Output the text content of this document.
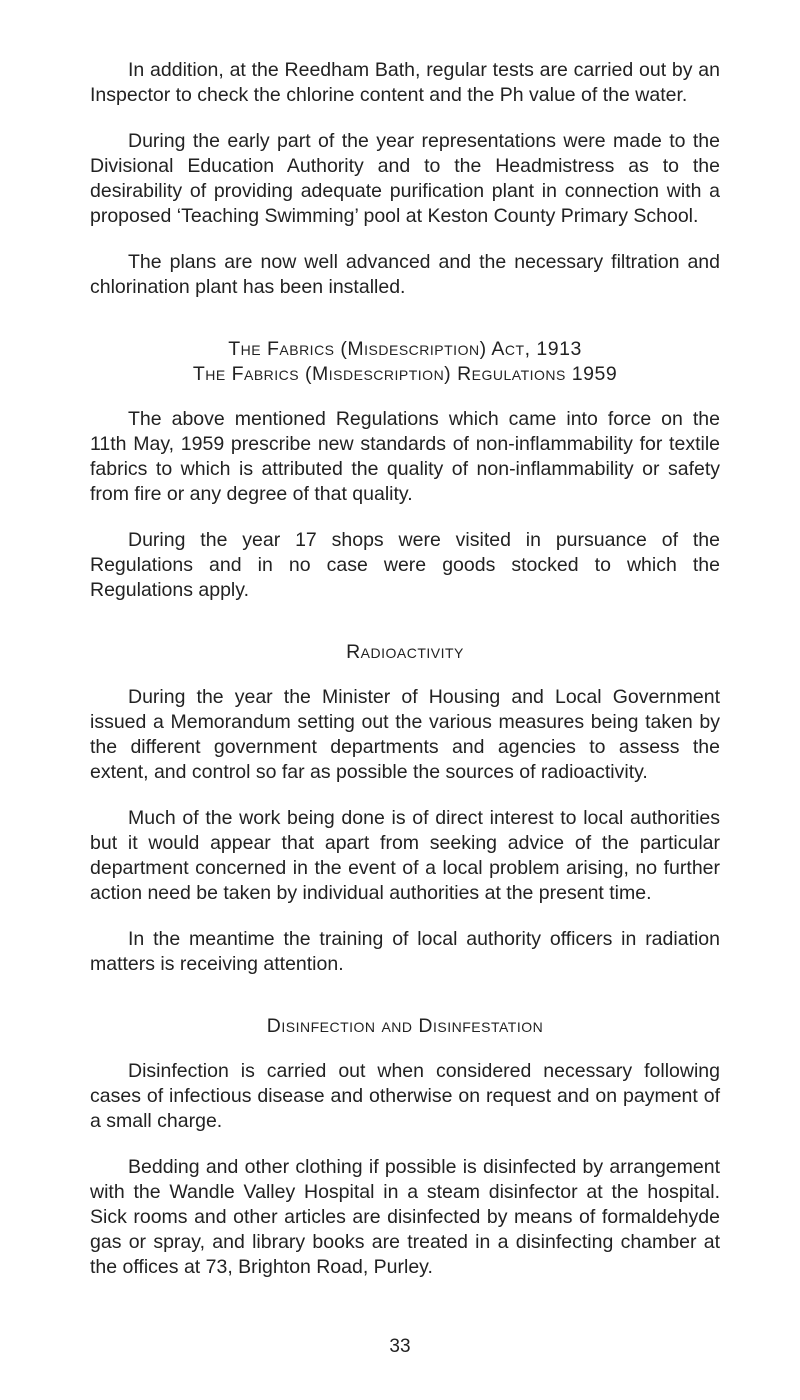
In addition, at the Reedham Bath, regular tests are carried out by an Inspector to check the chlorine content and the Ph value of the water.

During the early part of the year representations were made to the Divisional Education Authority and to the Headmistress as to the desirability of providing adequate purification plant in connection with a proposed ‘Teaching Swimming’ pool at Keston County Primary School.

The plans are now well advanced and the necessary filtration and chlorination plant has been installed.

The Fabrics (Misdescription) Act, 1913
The Fabrics (Misdescription) Regulations 1959

The above mentioned Regulations which came into force on the 11th May, 1959 prescribe new standards of non-inflammability for textile fabrics to which is attributed the quality of non-inflammability or safety from fire or any degree of that quality.

During the year 17 shops were visited in pursuance of the Regulations and in no case were goods stocked to which the Regulations apply.

Radioactivity

During the year the Minister of Housing and Local Government issued a Memorandum setting out the various measures being taken by the different government departments and agencies to assess the extent, and control so far as possible the sources of radioactivity.

Much of the work being done is of direct interest to local authorities but it would appear that apart from seeking advice of the particular department concerned in the event of a local problem arising, no further action need be taken by individual authorities at the present time.

In the meantime the training of local authority officers in radiation matters is receiving attention.

Disinfection and Disinfestation

Disinfection is carried out when considered necessary following cases of infectious disease and otherwise on request and on payment of a small charge.

Bedding and other clothing if possible is disinfected by arrangement with the Wandle Valley Hospital in a steam disinfector at the hospital. Sick rooms and other articles are disinfected by means of formaldehyde gas or spray, and library books are treated in a disinfecting chamber at the offices at 73, Brighton Road, Purley.

33
